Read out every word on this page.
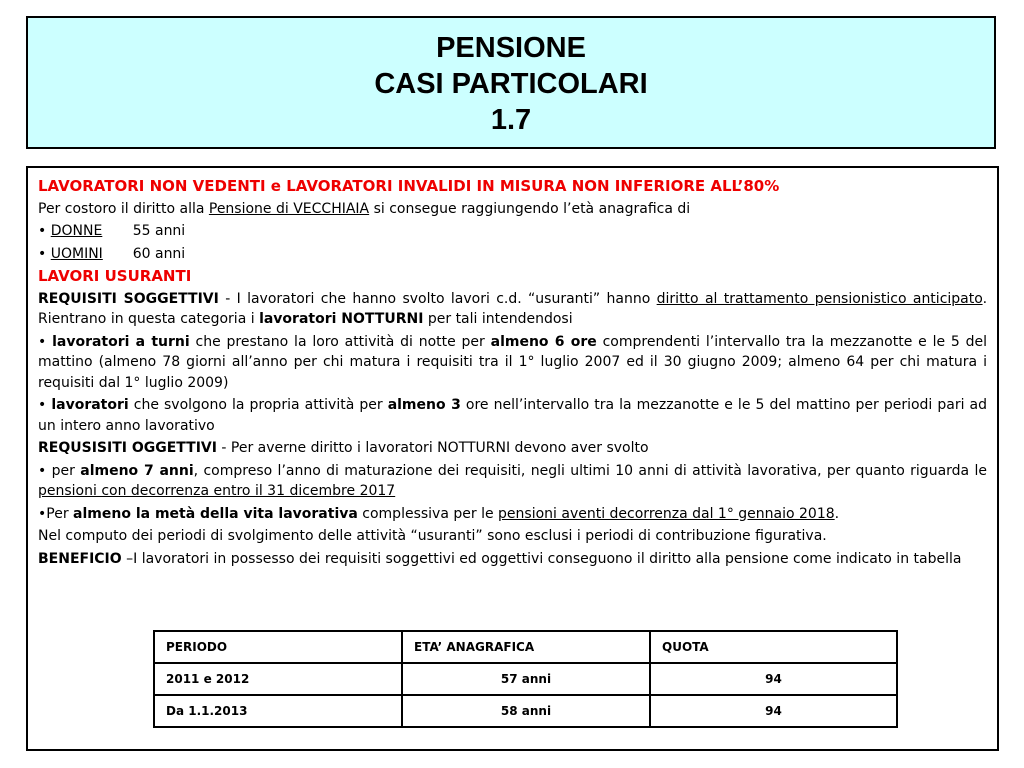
PENSIONE
CASI PARTICOLARI
1.7

LAVORATORI NON VEDENTI e LAVORATORI INVALIDI IN MISURA NON INFERIORE ALL’80%

Per costoro il diritto alla Pensione di VECCHIAIA si consegue raggiungendo l’età anagrafica di

• DONNE 55 anni

• UOMINI 60 anni

LAVORI USURANTI

REQUISITI SOGGETTIVI - I lavoratori che hanno svolto lavori c.d. “usuranti” hanno diritto al trattamento pensionistico anticipato. Rientrano in questa categoria i lavoratori NOTTURNI per tali intendendosi

• lavoratori a turni che prestano la loro attività di notte per almeno 6 ore comprendenti l’intervallo tra la mezzanotte e le 5 del mattino (almeno 78 giorni all’anno per chi matura i requisiti tra il 1° luglio 2007 ed il 30 giugno 2009; almeno 64 per chi matura i requisiti dal 1° luglio 2009)

• lavoratori che svolgono la propria attività per almeno 3 ore nell’intervallo tra la mezzanotte e le 5 del mattino per periodi pari ad un intero anno lavorativo

REQUSISITI OGGETTIVI - Per averne diritto i lavoratori NOTTURNI devono aver svolto

• per almeno 7 anni, compreso l’anno di maturazione dei requisiti, negli ultimi 10 anni di attività lavorativa, per quanto riguarda le pensioni con decorrenza entro il 31 dicembre 2017

•Per almeno la metà della vita lavorativa complessiva per le pensioni aventi decorrenza dal 1° gennaio 2018.

Nel computo dei periodi di svolgimento delle attività “usuranti” sono esclusi i periodi di contribuzione figurativa.

BENEFICIO – I lavoratori in possesso dei requisiti soggettivi ed oggettivi conseguono il diritto alla pensione come indicato in tabella
PERIODO	ETA’ ANAGRAFICA	QUOTA
2011 e 2012	57 anni	94
Da 1.1.2013	58 anni	94
